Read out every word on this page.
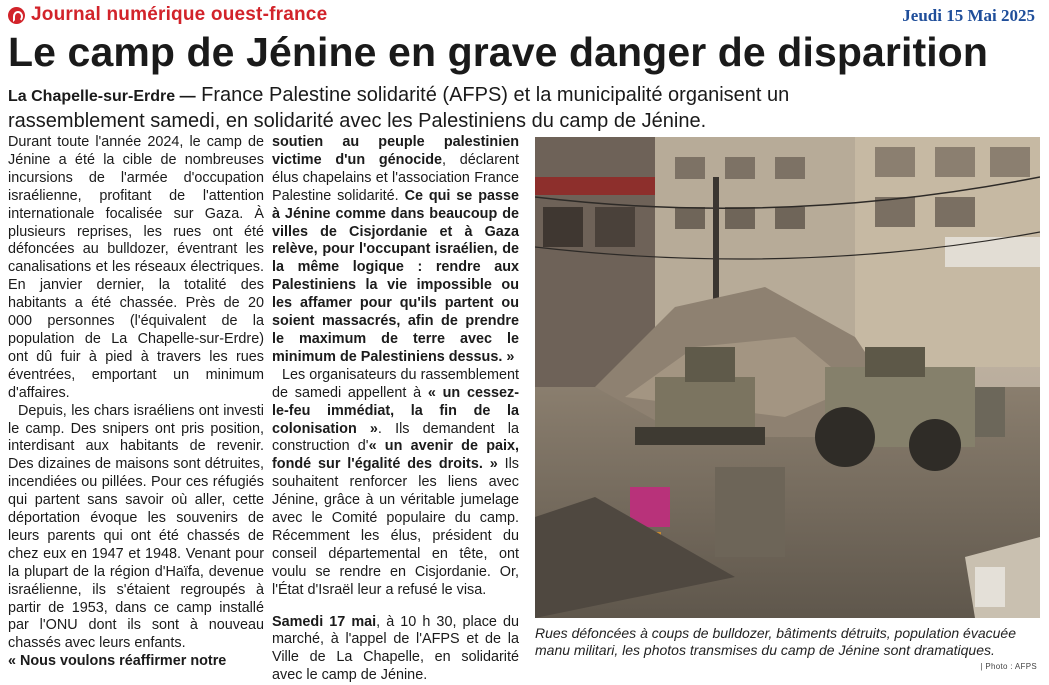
Journal numérique ouest-france	Jeudi 15 Mai 2025
Le camp de Jénine en grave danger de disparition
La Chapelle-sur-Erdre — France Palestine solidarité (AFPS) et la municipalité organisent un rassemblement samedi, en solidarité avec les Palestiniens du camp de Jénine.

Durant toute l'année 2024, le camp de Jénine a été la cible de nombreuses incursions de l'armée d'occupation israélienne, profitant de l'attention internationale focalisée sur Gaza. À plusieurs reprises, les rues ont été défoncées au bulldozer, éventrant les canalisations et les réseaux électriques. En janvier dernier, la totalité des habitants a été chassée. Près de 20 000 personnes (l'équivalent de la population de La Chapelle-sur-Erdre) ont dû fuir à pied à travers les rues éventrées, emportant un minimum d'affaires.

Depuis, les chars israéliens ont investi le camp. Des snipers ont pris position, interdisant aux habitants de revenir. Des dizaines de maisons sont détruites, incendiées ou pillées. Pour ces réfugiés qui partent sans savoir où aller, cette déportation évoque les souvenirs de leurs parents qui ont été chassés de chez eux en 1947 et 1948. Venant pour la plupart de la région d'Haïfa, devenue israélienne, ils s'étaient regroupés à partir de 1953, dans ce camp installé par l'ONU dont ils sont à nouveau chassés avec leurs enfants.

« Nous voulons réaffirmer notre

soutien au peuple palestinien victime d'un génocide, déclarent élus chapelains et l'association France Palestine solidarité. Ce qui se passe à Jénine comme dans beaucoup de villes de Cisjordanie et à Gaza relève, pour l'occupant israélien, de la même logique : rendre aux Palestiniens la vie impossible ou les affamer pour qu'ils partent ou soient massacrés, afin de prendre le maximum de terre avec le minimum de Palestiniens dessus. »

Les organisateurs du rassemblement de samedi appellent à « un cessez-le-feu immédiat, la fin de la colonisation ». Ils demandent la construction d'« un avenir de paix, fondé sur l'égalité des droits. » Ils souhaitent renforcer les liens avec Jénine, grâce à un véritable jumelage avec le Comité populaire du camp. Récemment les élus, président du conseil départemental en tête, ont voulu se rendre en Cisjordanie. Or, l'État d'Israël leur a refusé le visa.

Samedi 17 mai, à 10 h 30, place du marché, à l'appel de l'AFPS et de la Ville de La Chapelle, en solidarité avec le camp de Jénine.

Rues défoncées à coups de bulldozer, bâtiments détruits, population évacuée manu militari, les photos transmises du camp de Jénine sont dramatiques.
| Photo : AFPS
